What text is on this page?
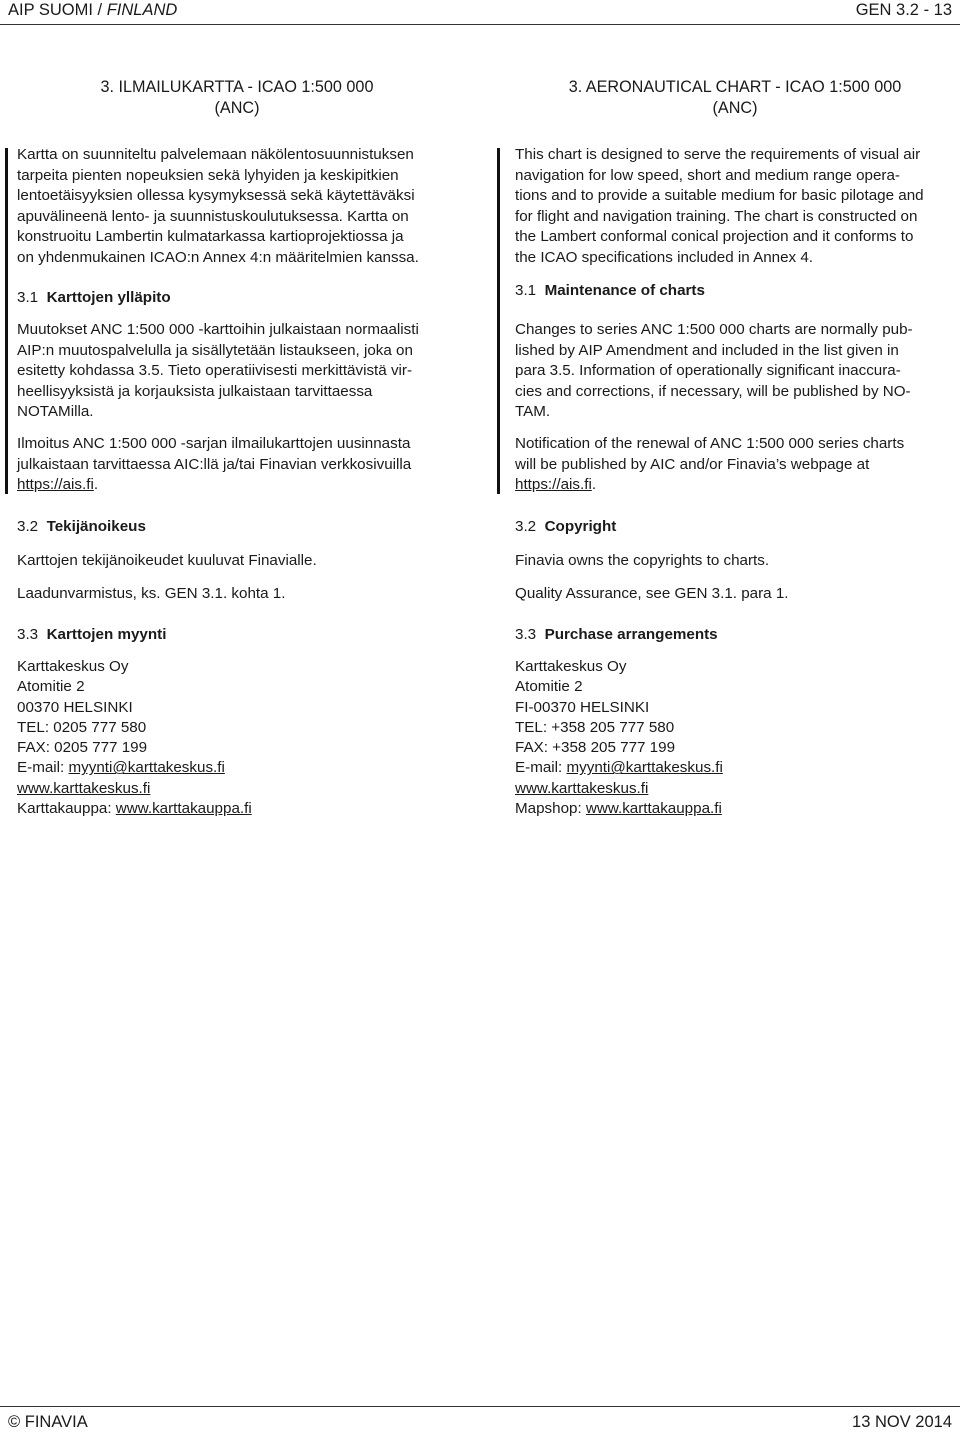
AIP SUOMI / FINLAND	GEN 3.2 - 13
3. ILMAILUKARTTA - ICAO 1:500 000
(ANC)
Kartta on suunniteltu palvelemaan näkölentosuunnistuksen
tarpeita pienten nopeuksien sekä lyhyiden ja keskipitkien
lentoetäisyyksien ollessa kysymyksessä sekä käytettäväksi
apuvälineenä lento- ja suunnistuskoulutuksessa. Kartta on
konstruoitu Lambertin kulmatarkassa kartioprojektiossa ja
on yhdenmukainen ICAO:n Annex 4:n määritelmien kanssa.
3.1 Karttojen ylläpito
Muutokset ANC 1:500 000 -karttoihin julkaistaan normaalisti
AIP:n muutospalvelulla ja sisällytetään listaukseen, joka on
esitetty kohdassa 3.5. Tieto operatiivisesti merkittävistä vir-
heellisyyksistä ja korjauksista julkaistaan tarvittaessa
NOTAMilla.
Ilmoitus ANC 1:500 000 -sarjan ilmailukarttojen uusinnasta
julkaistaan tarvittaessa AIC:llä ja/tai Finavian verkkosivuilla
https://ais.fi.
3.2 Tekijänoikeus
Karttojen tekijänoikeudet kuuluvat Finavialle.
Laadunvarmistus, ks. GEN 3.1. kohta 1.
3.3 Karttojen myynti
Karttakeskus Oy
Atomitie 2
00370 HELSINKI
TEL: 0205 777 580
FAX: 0205 777 199
E-mail: myynti@karttakeskus.fi
www.karttakeskus.fi
Karttakauppa: www.karttakauppa.fi
3. AERONAUTICAL CHART - ICAO 1:500 000
(ANC)
This chart is designed to serve the requirements of visual air
navigation for low speed, short and medium range opera-
tions and to provide a suitable medium for basic pilotage and
for flight and navigation training. The chart is constructed on
the Lambert conformal conical projection and it conforms to
the ICAO specifications included in Annex 4.
3.1 Maintenance of charts
Changes to series ANC 1:500 000 charts are normally pub-
lished by AIP Amendment and included in the list given in
para 3.5. Information of operationally significant inaccura-
cies and corrections, if necessary, will be published by NO-
TAM.
Notification of the renewal of ANC 1:500 000 series charts
will be published by AIC and/or Finavia’s webpage at
https://ais.fi.
3.2 Copyright
Finavia owns the copyrights to charts.
Quality Assurance, see GEN 3.1. para 1.
3.3 Purchase arrangements
Karttakeskus Oy
Atomitie 2
FI-00370 HELSINKI
TEL: +358 205 777 580
FAX: +358 205 777 199
E-mail: myynti@karttakeskus.fi
www.karttakeskus.fi
Mapshop: www.karttakauppa.fi
© FINAVIA	13 NOV 2014
